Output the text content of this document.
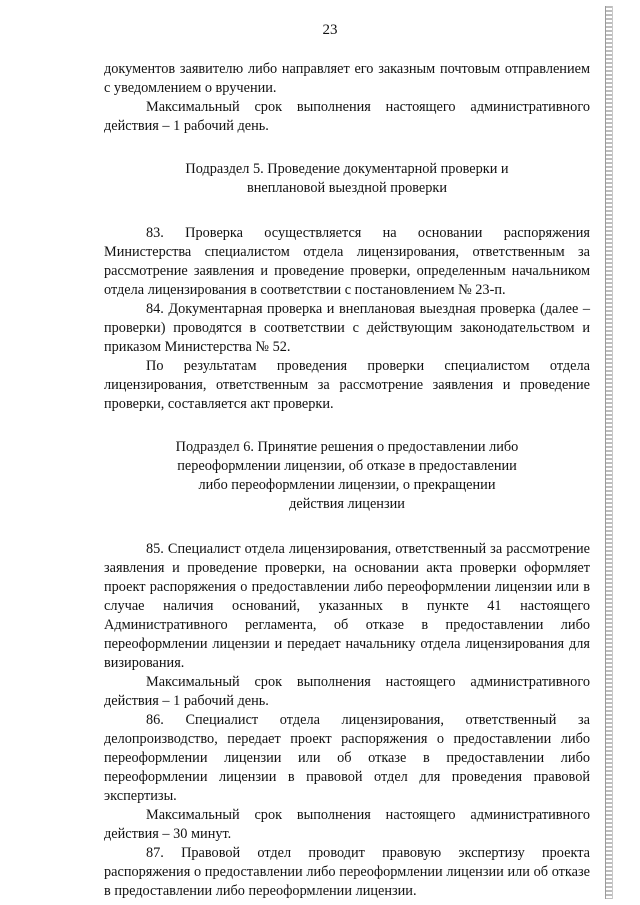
23

документов заявителю либо направляет его заказным почтовым отправлением с уведомлением о вручении.

Максимальный срок выполнения настоящего административного действия – 1 рабочий день.

Подраздел 5. Проведение документарной проверки и
внеплановой выездной проверки

83. Проверка осуществляется на основании распоряжения Министерства специалистом отдела лицензирования, ответственным за рассмотрение заявления и проведение проверки, определенным начальником отдела лицензирования в соответствии с постановлением № 23-п.

84. Документарная проверка и внеплановая выездная проверка (далее – проверки) проводятся в соответствии с действующим законодательством и приказом Министерства № 52.

По результатам проведения проверки специалистом отдела лицензирования, ответственным за рассмотрение заявления и проведение проверки, составляется акт проверки.

Подраздел 6. Принятие решения о предоставлении либо
переоформлении лицензии, об отказе в предоставлении
либо переоформлении лицензии, о прекращении
действия лицензии

85. Специалист отдела лицензирования, ответственный за рассмотрение заявления и проведение проверки, на основании акта проверки оформляет проект распоряжения о предоставлении либо переоформлении лицензии или в случае наличия оснований, указанных в пункте 41 настоящего Административного регламента, об отказе в предоставлении либо переоформлении лицензии и передает начальнику отдела лицензирования для визирования.

Максимальный срок выполнения настоящего административного действия – 1 рабочий день.

86. Специалист отдела лицензирования, ответственный за делопроизводство, передает проект распоряжения о предоставлении либо переоформлении лицензии или об отказе в предоставлении либо переоформлении лицензии в правовой отдел для проведения правовой экспертизы.

Максимальный срок выполнения настоящего административного действия – 30 минут.

87. Правовой отдел проводит правовую экспертизу проекта распоряжения о предоставлении либо переоформлении лицензии или об отказе в предоставлении либо переоформлении лицензии.
